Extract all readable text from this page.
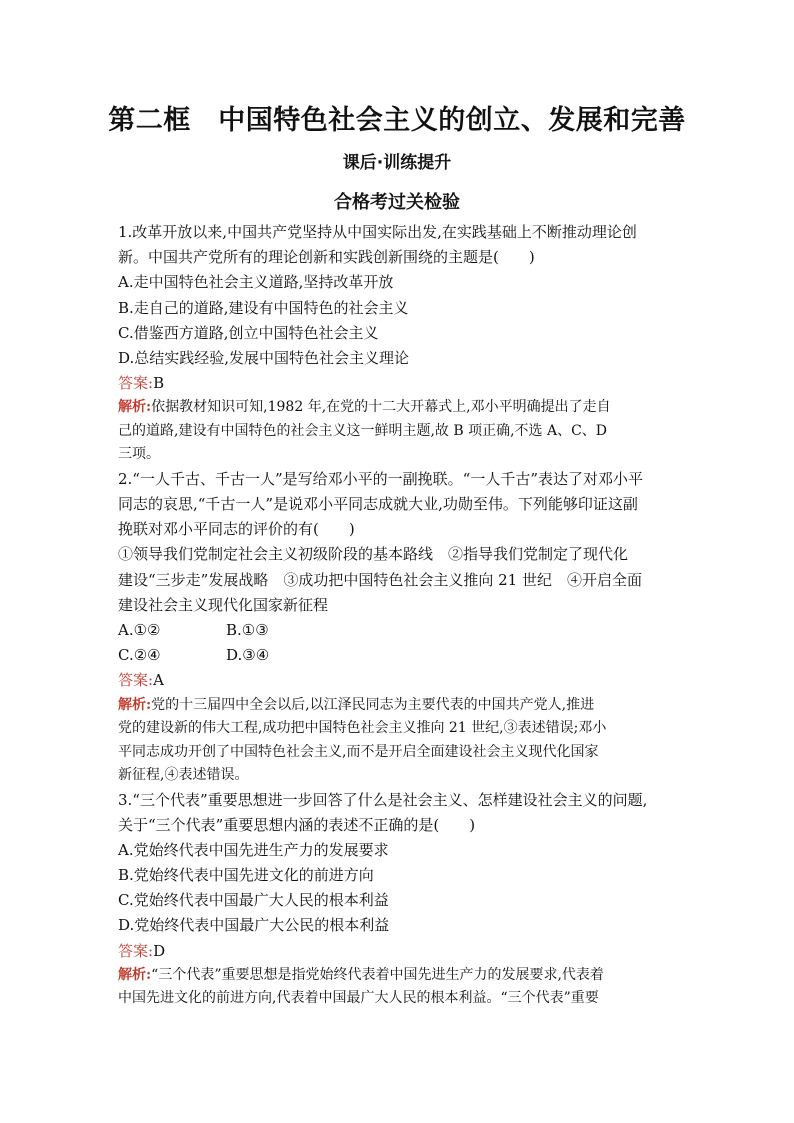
第二框　中国特色社会主义的创立、发展和完善
课后·训练提升
合格考过关检验
1.改革开放以来,中国共产党坚持从中国实际出发,在实践基础上不断推动理论创
新。中国共产党所有的理论创新和实践创新围绕的主题是(　　)
A.走中国特色社会主义道路,坚持改革开放
B.走自己的道路,建设有中国特色的社会主义
C.借鉴西方道路,创立中国特色社会主义
D.总结实践经验,发展中国特色社会主义理论
答案:B
解析:依据教材知识可知,1982 年,在党的十二大开幕式上,邓小平明确提出了走自
己的道路,建设有中国特色的社会主义这一鲜明主题,故 B 项正确,不选 A、C、D
三项。
2.“一人千古、千古一人”是写给邓小平的一副挽联。“一人千古”表达了对邓小平
同志的哀思,“千古一人”是说邓小平同志成就大业,功勋至伟。下列能够印证这副
挽联对邓小平同志的评价的有(　　)
①领导我们党制定社会主义初级阶段的基本路线　②指导我们党制定了现代化
建设“三步走”发展战略　③成功把中国特色社会主义推向 21 世纪　④开启全面
建设社会主义现代化国家新征程
A.①②	B.①③
C.②④	D.③④
答案:A
解析:党的十三届四中全会以后,以江泽民同志为主要代表的中国共产党人,推进
党的建设新的伟大工程,成功把中国特色社会主义推向 21 世纪,③表述错误;邓小
平同志成功开创了中国特色社会主义,而不是开启全面建设社会主义现代化国家
新征程,④表述错误。
3.“三个代表”重要思想进一步回答了什么是社会主义、怎样建设社会主义的问题,
关于“三个代表”重要思想内涵的表述不正确的是(　　)
A.党始终代表中国先进生产力的发展要求
B.党始终代表中国先进文化的前进方向
C.党始终代表中国最广大人民的根本利益
D.党始终代表中国最广大公民的根本利益
答案:D
解析:“三个代表”重要思想是指党始终代表着中国先进生产力的发展要求,代表着
中国先进文化的前进方向,代表着中国最广大人民的根本利益。“三个代表”重要
